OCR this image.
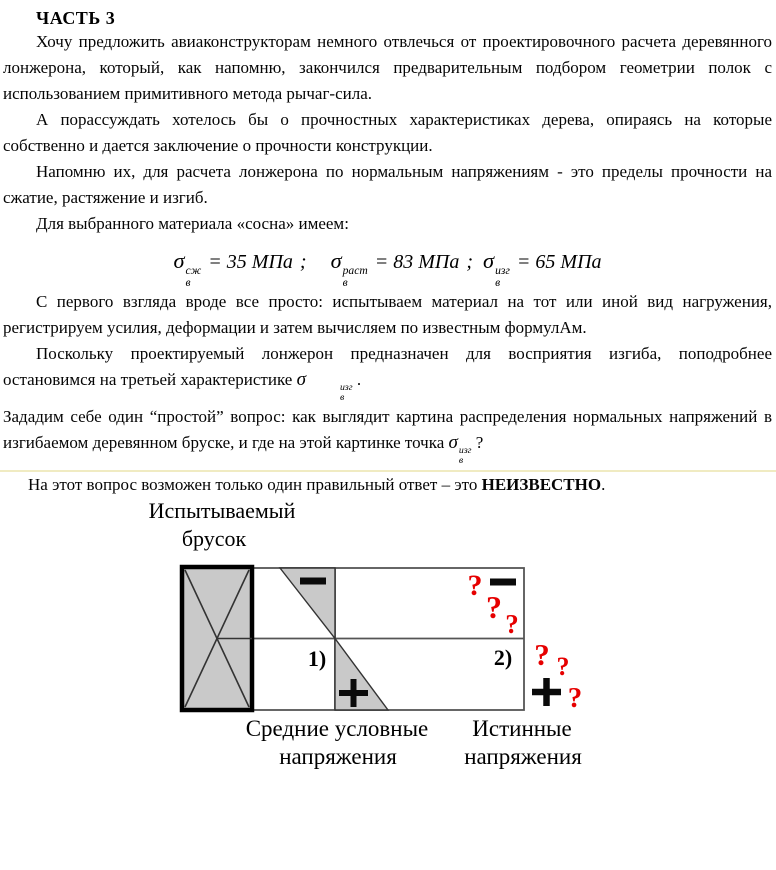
ЧАСТЬ 3

Хочу предложить авиаконструкторам немного отвлечься от проектировочного расчета деревянного лонжерона, который, как напомню, закончился предварительным подбором геометрии полок с использованием примитивного метода рычаг-сила.

А порассуждать хотелось бы о прочностных характеристиках дерева, опираясь на которые собственно и дается заключение о прочности конструкции.

Напомню их, для расчета лонжерона по нормальным напряжениям - это пределы прочности на сжатие, растяжение и изгиб.

Для выбранного материала «сосна» имеем:

σ сж
в
= 35 МПа ; σ раст
в
= 83 МПа ; σ изг
в
= 65 МПа

С первого взгляда вроде все просто: испытываем материал на тот или иной вид нагружения, регистрируем усилия, деформации и затем вычисляем по известным формулАм.

Поскольку проектируемый лонжерон предназначен для восприятия изгиба, поподробнее остановимся на третьей характеристике σ	изг
в
.

Зададим себе один “простой” вопрос: как выглядит картина распределения нормальных напряжений в изгибаемом деревянном бруске, и где на этой картинке точка σ изг
в
?

На этот вопрос возможен только один правильный ответ – это НЕИЗВЕСТНО.

Испытываемый
брусок
1)	2)
?
? ?
? ?
?
Средние условные
напряжения
Истинные
напряжения
